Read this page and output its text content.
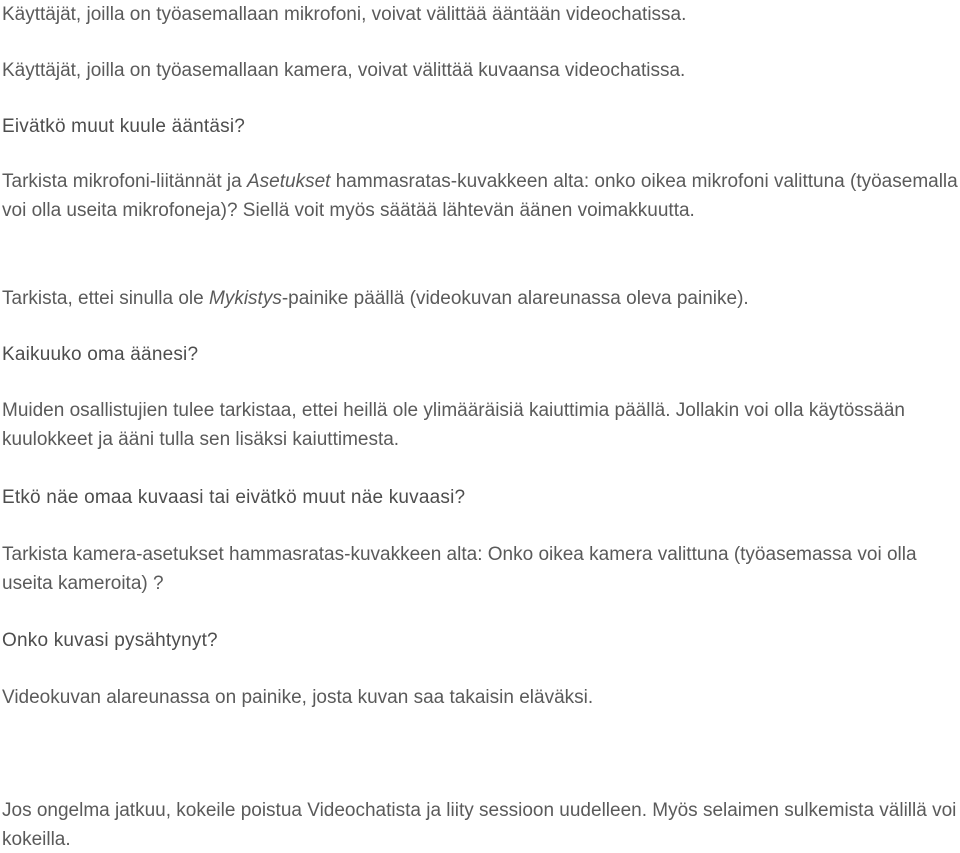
Käyttäjät, joilla on työasemallaan mikrofoni, voivat välittää ääntään videochatissa.

Käyttäjät, joilla on työasemallaan kamera, voivat välittää kuvaansa videochatissa.

Eivätkö muut kuule ääntäsi?

Tarkista mikrofoni-liitännät ja Asetukset hammasratas-kuvakkeen alta: onko oikea mikrofoni valittuna (työasemalla voi olla useita mikrofoneja)? Siellä voit myös säätää lähtevän äänen voimakkuutta.

Tarkista, ettei sinulla ole Mykistys-painike päällä (videokuvan alareunassa oleva painike).

Kaikuuko oma äänesi?

Muiden osallistujien tulee tarkistaa, ettei heillä ole ylimääräisiä kaiuttimia päällä. Jollakin voi olla käytössään kuulokkeet ja ääni tulla sen lisäksi kaiuttimesta.

Etkö näe omaa kuvaasi tai eivätkö muut näe kuvaasi?

Tarkista kamera-asetukset hammasratas-kuvakkeen alta: Onko oikea kamera valittuna (työasemassa voi olla useita kameroita) ?

Onko kuvasi pysähtynyt?

Videokuvan alareunassa on painike, josta kuvan saa takaisin eläväksi.

Jos ongelma jatkuu, kokeile poistua Videochatista ja liity sessioon uudelleen. Myös selaimen sulkemista välillä voi kokeilla.
